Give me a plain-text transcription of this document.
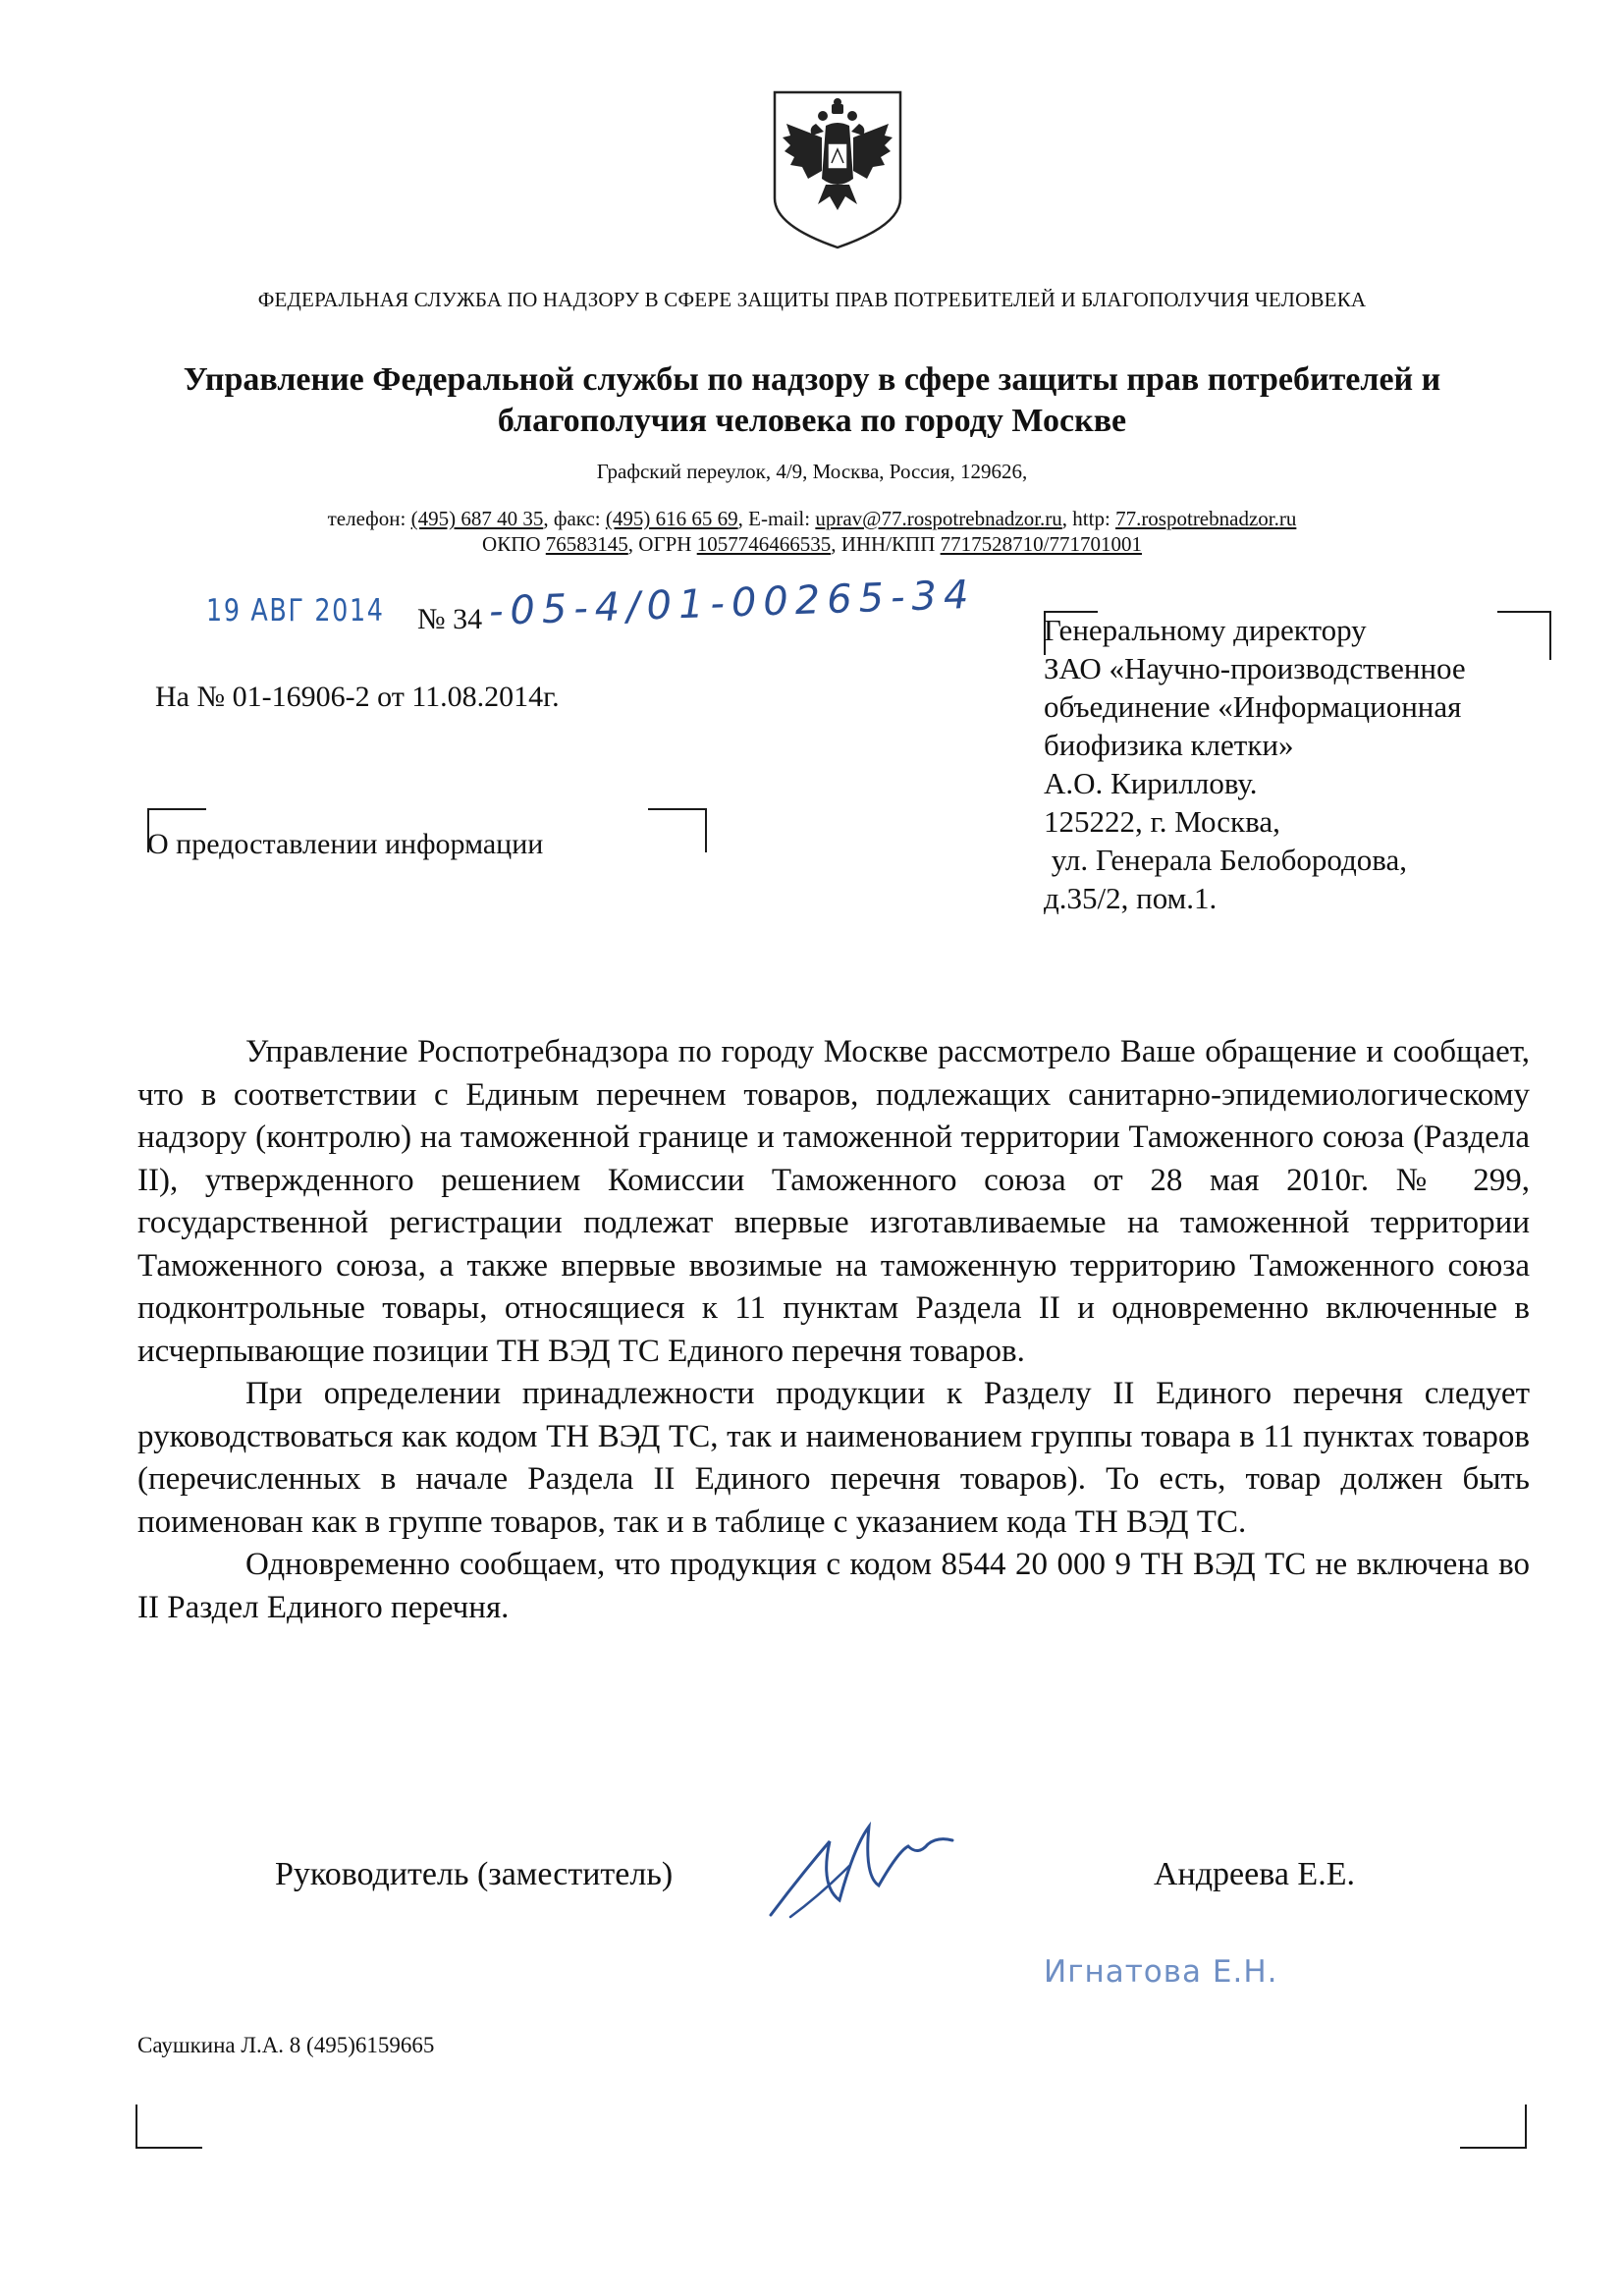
ФЕДЕРАЛЬНАЯ СЛУЖБА ПО НАДЗОРУ В СФЕРЕ ЗАЩИТЫ ПРАВ ПОТРЕБИТЕЛЕЙ И БЛАГОПОЛУЧИЯ ЧЕЛОВЕКА
Управление Федеральной службы по надзору в сфере защиты прав потребителей и
благополучия человека по городу Москве
Графский переулок, 4/9, Москва, Россия, 129626,
телефон: (495) 687 40 35, факс: (495) 616 65 69, E-mail: uprav@77.rospotrebnadzor.ru, http: 77.rospotrebnadzor.ru
ОКПО 76583145, ОГРН 1057746466535, ИНН/КПП 7717528710/771701001
19 АВГ 2014 № 34 -05-4/01-00265-34
На № 01-16906-2 от 11.08.2014г.
О предоставлении информации
Генеральному директору
ЗАО «Научно-производственное
объединение «Информационная
биофизика клетки»
А.О. Кириллову.
125222, г. Москва,
ул. Генерала Белобородова,
д.35/2, пом.1.

Управление Роспотребнадзора по городу Москве рассмотрело Ваше обращение и сообщает, что в соответствии с Единым перечнем товаров, подлежащих санитарно-эпидемиологическому надзору (контролю) на таможенной границе и таможенной территории Таможенного союза (Раздела II), утвержденного решением Комиссии Таможенного союза от 28 мая 2010г. № 299, государственной регистрации подлежат впервые изготавливаемые на таможенной территории Таможенного союза, а также впервые ввозимые на таможенную территорию Таможенного союза подконтрольные товары, относящиеся к 11 пунктам Раздела II и одновременно включенные в исчерпывающие позиции ТН ВЭД ТС Единого перечня товаров.

При определении принадлежности продукции к Разделу II Единого перечня следует руководствоваться как кодом ТН ВЭД ТС, так и наименованием группы товара в 11 пунктах товаров (перечисленных в начале Раздела II Единого перечня товаров). То есть, товар должен быть поименован как в группе товаров, так и в таблице с указанием кода ТН ВЭД ТС.

Одновременно сообщаем, что продукция с кодом 8544 20 000 9 ТН ВЭД ТС не включена во II Раздел Единого перечня.

Руководитель (заместитель)	Андреева Е.Е.
Игнатова Е.Н.
Саушкина Л.А. 8 (495)6159665
